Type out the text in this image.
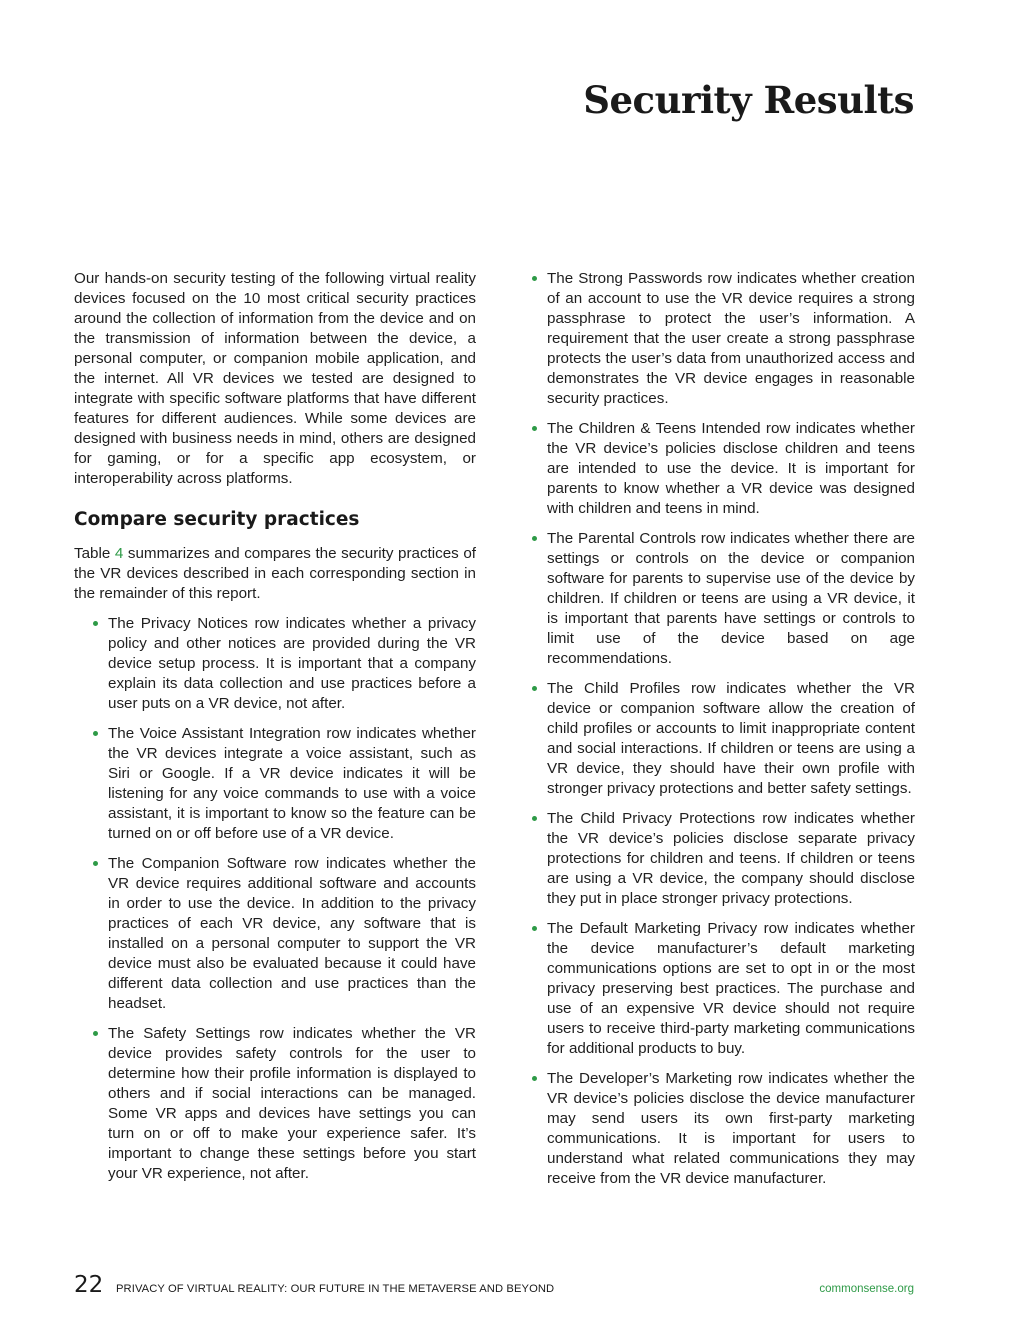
Security Results

Our hands-on security testing of the following virtual reality devices focused on the 10 most critical security practices around the collection of information from the device and on the transmission of information between the device, a personal computer, or companion mobile application, and the internet. All VR devices we tested are designed to integrate with specific software platforms that have different features for different audiences. While some devices are designed with business needs in mind, others are designed for gaming, or for a specific app ecosystem, or interoperability across platforms.

Compare security practices

Table 4 summarizes and compares the security practices of the VR devices described in each corresponding section in the remainder of this report.

The Privacy Notices row indicates whether a privacy policy and other notices are provided during the VR device setup process. It is important that a company explain its data collection and use practices before a user puts on a VR device, not after.
The Voice Assistant Integration row indicates whether the VR devices integrate a voice assistant, such as Siri or Google. If a VR device indicates it will be listening for any voice commands to use with a voice assistant, it is important to know so the feature can be turned on or off before use of a VR device.
The Companion Software row indicates whether the VR device requires additional software and accounts in order to use the device. In addition to the privacy practices of each VR device, any software that is installed on a personal computer to support the VR device must also be evaluated because it could have different data collection and use practices than the headset.
The Safety Settings row indicates whether the VR device provides safety controls for the user to determine how their profile information is displayed to others and if social interactions can be managed. Some VR apps and devices have settings you can turn on or off to make your experience safer. It’s important to change these settings before you start your VR experience, not after.
The Strong Passwords row indicates whether creation of an account to use the VR device requires a strong passphrase to protect the user’s information. A requirement that the user create a strong passphrase protects the user’s data from unauthorized access and demonstrates the VR device engages in reasonable security practices.
The Children & Teens Intended row indicates whether the VR device’s policies disclose children and teens are intended to use the device. It is important for parents to know whether a VR device was designed with children and teens in mind.
The Parental Controls row indicates whether there are settings or controls on the device or companion software for parents to supervise use of the device by children. If children or teens are using a VR device, it is important that parents have settings or controls to limit use of the device based on age recommendations.
The Child Profiles row indicates whether the VR device or companion software allow the creation of child profiles or accounts to limit inappropriate content and social interactions. If children or teens are using a VR device, they should have their own profile with stronger privacy protections and better safety settings.
The Child Privacy Protections row indicates whether the VR device’s policies disclose separate privacy protections for children and teens. If children or teens are using a VR device, the company should disclose they put in place stronger privacy protections.
The Default Marketing Privacy row indicates whether the device manufacturer’s default marketing communications options are set to opt in or the most privacy preserving best practices. The purchase and use of an expensive VR device should not require users to receive third-party marketing communications for additional products to buy.
The Developer’s Marketing row indicates whether the VR device’s policies disclose the device manufacturer may send users its own first-party marketing communications. It is important for users to understand what related communications they may receive from the VR device manufacturer.
22 PRIVACY OF VIRTUAL REALITY: OUR FUTURE IN THE METAVERSE AND BEYOND	commonsense.org
